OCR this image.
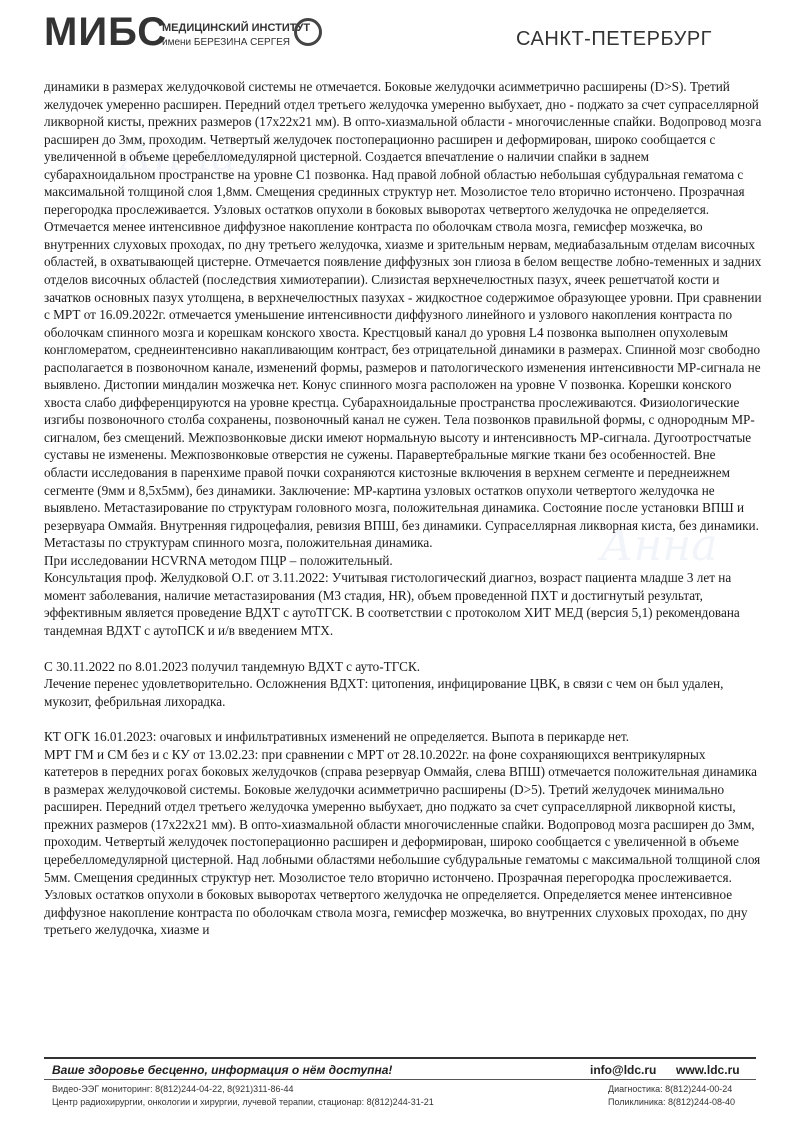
МИБС
МЕДИЦИНСКИЙ ИНСТИТУТ
имени БЕРЕЗИНА СЕРГЕЯ	САНКТ-ПЕТЕРБУРГ
Анна
Анна
Анна

динамики в размерах желудочковой системы не отмечается. Боковые желудочки асимметрично расширены (D>S). Третий желудочек умеренно расширен. Передний отдел третьего желудочка умеренно выбухает, дно - поджато за счет супраселлярной ликворной кисты, прежних размеров (17x22x21 мм). В опто-хиазмальной области - многочисленные спайки. Водопровод мозга расширен до 3мм, проходим. Четвертый желудочек постоперационно расширен и деформирован, широко сообщается с увеличенной в объеме церебелломедулярной цистерной. Создается впечатление о наличии спайки в заднем субарахноидальном пространстве на уровне С1 позвонка. Над правой лобной областью небольшая субдуральная гематома с максимальной толщиной слоя 1,8мм. Смещения срединных структур нет. Мозолистое тело вторично истончено. Прозрачная перегородка прослеживается. Узловых остатков опухоли в боковых выворотах четвертого желудочка не определяется. Отмечается менее интенсивное диффузное накопление контраста по оболочкам ствола мозга, гемисфер мозжечка, во внутренних слуховых проходах, по дну третьего желудочка, хиазме и зрительным нервам, медиабазальным отделам височных областей, в охватывающей цистерне. Отмечается появление диффузных зон глиоза в белом веществе лобно-теменных и задних отделов височных областей (последствия химиотерапии). Слизистая верхнечелюстных пазух, ячеек решетчатой кости и зачатков основных пазух утолщена, в верхнечелюстных пазухах - жидкостное содержимое образующее уровни. При сравнении с МРТ от 16.09.2022г. отмечается уменьшение интенсивности диффузного линейного и узлового накопления контраста по оболочкам спинного мозга и корешкам конского хвоста. Крестцовый канал до уровня L4 позвонка выполнен опухолевым конгломератом, среднеинтенсивно накапливающим контраст, без отрицательной динамики в размерах. Спинной мозг свободно располагается в позвоночном канале, изменений формы, размеров и патологического изменения интенсивности МР-сигнала не выявлено. Дистопии миндалин мозжечка нет. Конус спинного мозга расположен на уровне V позвонка. Корешки конского хвоста слабо дифференцируются на уровне крестца. Субарахноидальные пространства прослеживаются. Физиологические изгибы позвоночного столба сохранены, позвоночный канал не сужен. Тела позвонков правильной формы, с однородным МР-сигналом, без смещений. Межпозвонковые диски имеют нормальную высоту и интенсивность МР-сигнала. Дугоотростчатые суставы не изменены. Межпозвонковые отверстия не сужены. Паравертебральные мягкие ткани без особенностей. Вне области исследования в паренхиме правой почки сохраняются кистозные включения в верхнем сегменте и переднеижнем сегменте (9мм и 8,5x5мм), без динамики. Заключение: МР-картина узловых остатков опухоли четвертого желудочка не выявлено. Метастазирование по структурам головного мозга, положительная динамика. Состояние после установки ВПШ и резервуара Оммайя. Внутренняя гидроцефалия, ревизия ВПШ, без динамики. Супраселлярная ликворная киста, без динамики. Метастазы по структурам спинного мозга, положительная динамика.

При исследовании HCVRNA методом ПЦР – положительный.

Консультация проф. Желудковой О.Г. от 3.11.2022: Учитывая гистологический диагноз, возраст пациента младше 3 лет на момент заболевания, наличие метастазирования (М3 стадия, HR), объем проведенной ПХТ и достигнутый результат, эффективным является проведение ВДХТ с аутоТГСК. В соответствии с протоколом ХИТ МЕД (версия 5,1) рекомендована тандемная ВДХТ с аутоПСК и и/в введением МТХ.

С 30.11.2022 по 8.01.2023 получил тандемную ВДХТ с ауто-ТГСК.

Лечение перенес удовлетворительно. Осложнения ВДХТ: цитопения, инфицирование ЦВК, в связи с чем он был удален, мукозит, фебрильная лихорадка.

КТ ОГК 16.01.2023: очаговых и инфильтративных изменений не определяется. Выпота в перикарде нет.

МРТ ГМ и СМ без и с КУ от 13.02.23: при сравнении с МРТ от 28.10.2022г. на фоне сохраняющихся вентрикулярных катетеров в передних рогах боковых желудочков (справа резервуар Оммайя, слева ВПШ) отмечается положительная динамика в размерах желудочковой системы. Боковые желудочки асимметрично расширены (D>5). Третий желудочек минимально расширен. Передний отдел третьего желудочка умеренно выбухает, дно поджато за счет супраселлярной ликворной кисты, прежних размеров (17x22x21 мм). В опто-хиазмальной области многочисленные спайки. Водопровод мозга расширен до 3мм, проходим. Четвертый желудочек постоперационно расширен и деформирован, широко сообщается с увеличенной в объеме церебелломедулярной цистерной. Над лобными областями небольшие субдуральные гематомы с максимальной толщиной слоя 5мм. Смещения срединных структур нет. Мозолистое тело вторично истончено. Прозрачная перегородка прослеживается. Узловых остатков опухоли в боковых выворотах четвертого желудочка не определяется. Определяется менее интенсивное диффузное накопление контраста по оболочкам ствола мозга, гемисфер мозжечка, во внутренних слуховых проходах, по дну третьего желудочка, хиазме и

Ваше здоровье бесценно, информация о нём доступна!	info@ldc.ru www.ldc.ru
Видео-ЭЭГ мониторинг: 8(812)244-04-22, 8(921)311-86-44	Диагностика: 8(812)244-00-24
Центр радиохирургии, онкологии и хирургии, лучевой терапии, стационар: 8(812)244-31-21	Поликлиника: 8(812)244-08-40
